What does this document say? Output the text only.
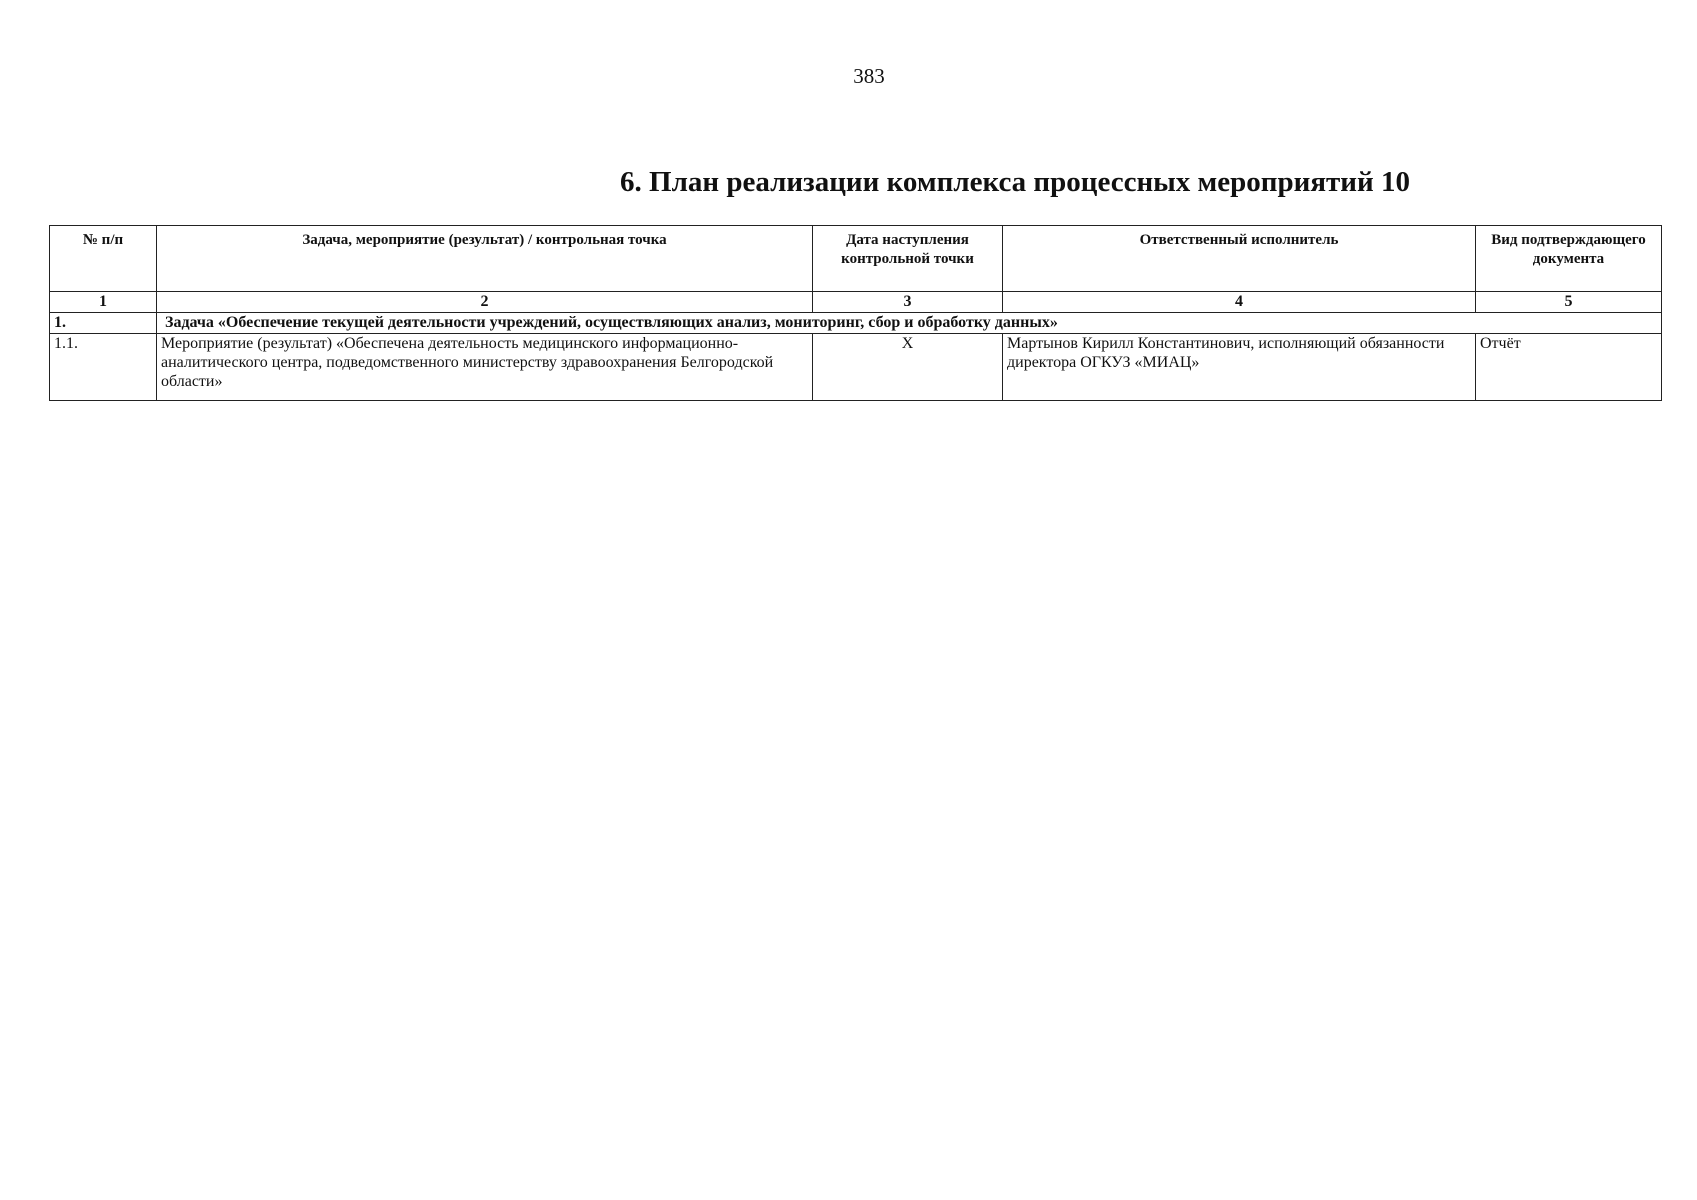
383
6. План реализации комплекса процессных мероприятий 10
№ п/п	Задача, мероприятие (результат) / контрольная точка	Дата наступления контрольной точки	Ответственный исполнитель	Вид подтверждающего документа
1	2	3	4	5
1.	Задача «Обеспечение текущей деятельности учреждений, осуществляющих анализ, мониторинг, сбор и обработку данных»			
1.1.	Мероприятие (результат) «Обеспечена деятельность медицинского информационно-аналитического центра, подведомственного министерству здравоохранения Белгородской области»	X	Мартынов Кирилл Константинович, исполняющий обязанности директора ОГКУЗ «МИАЦ»	Отчёт
